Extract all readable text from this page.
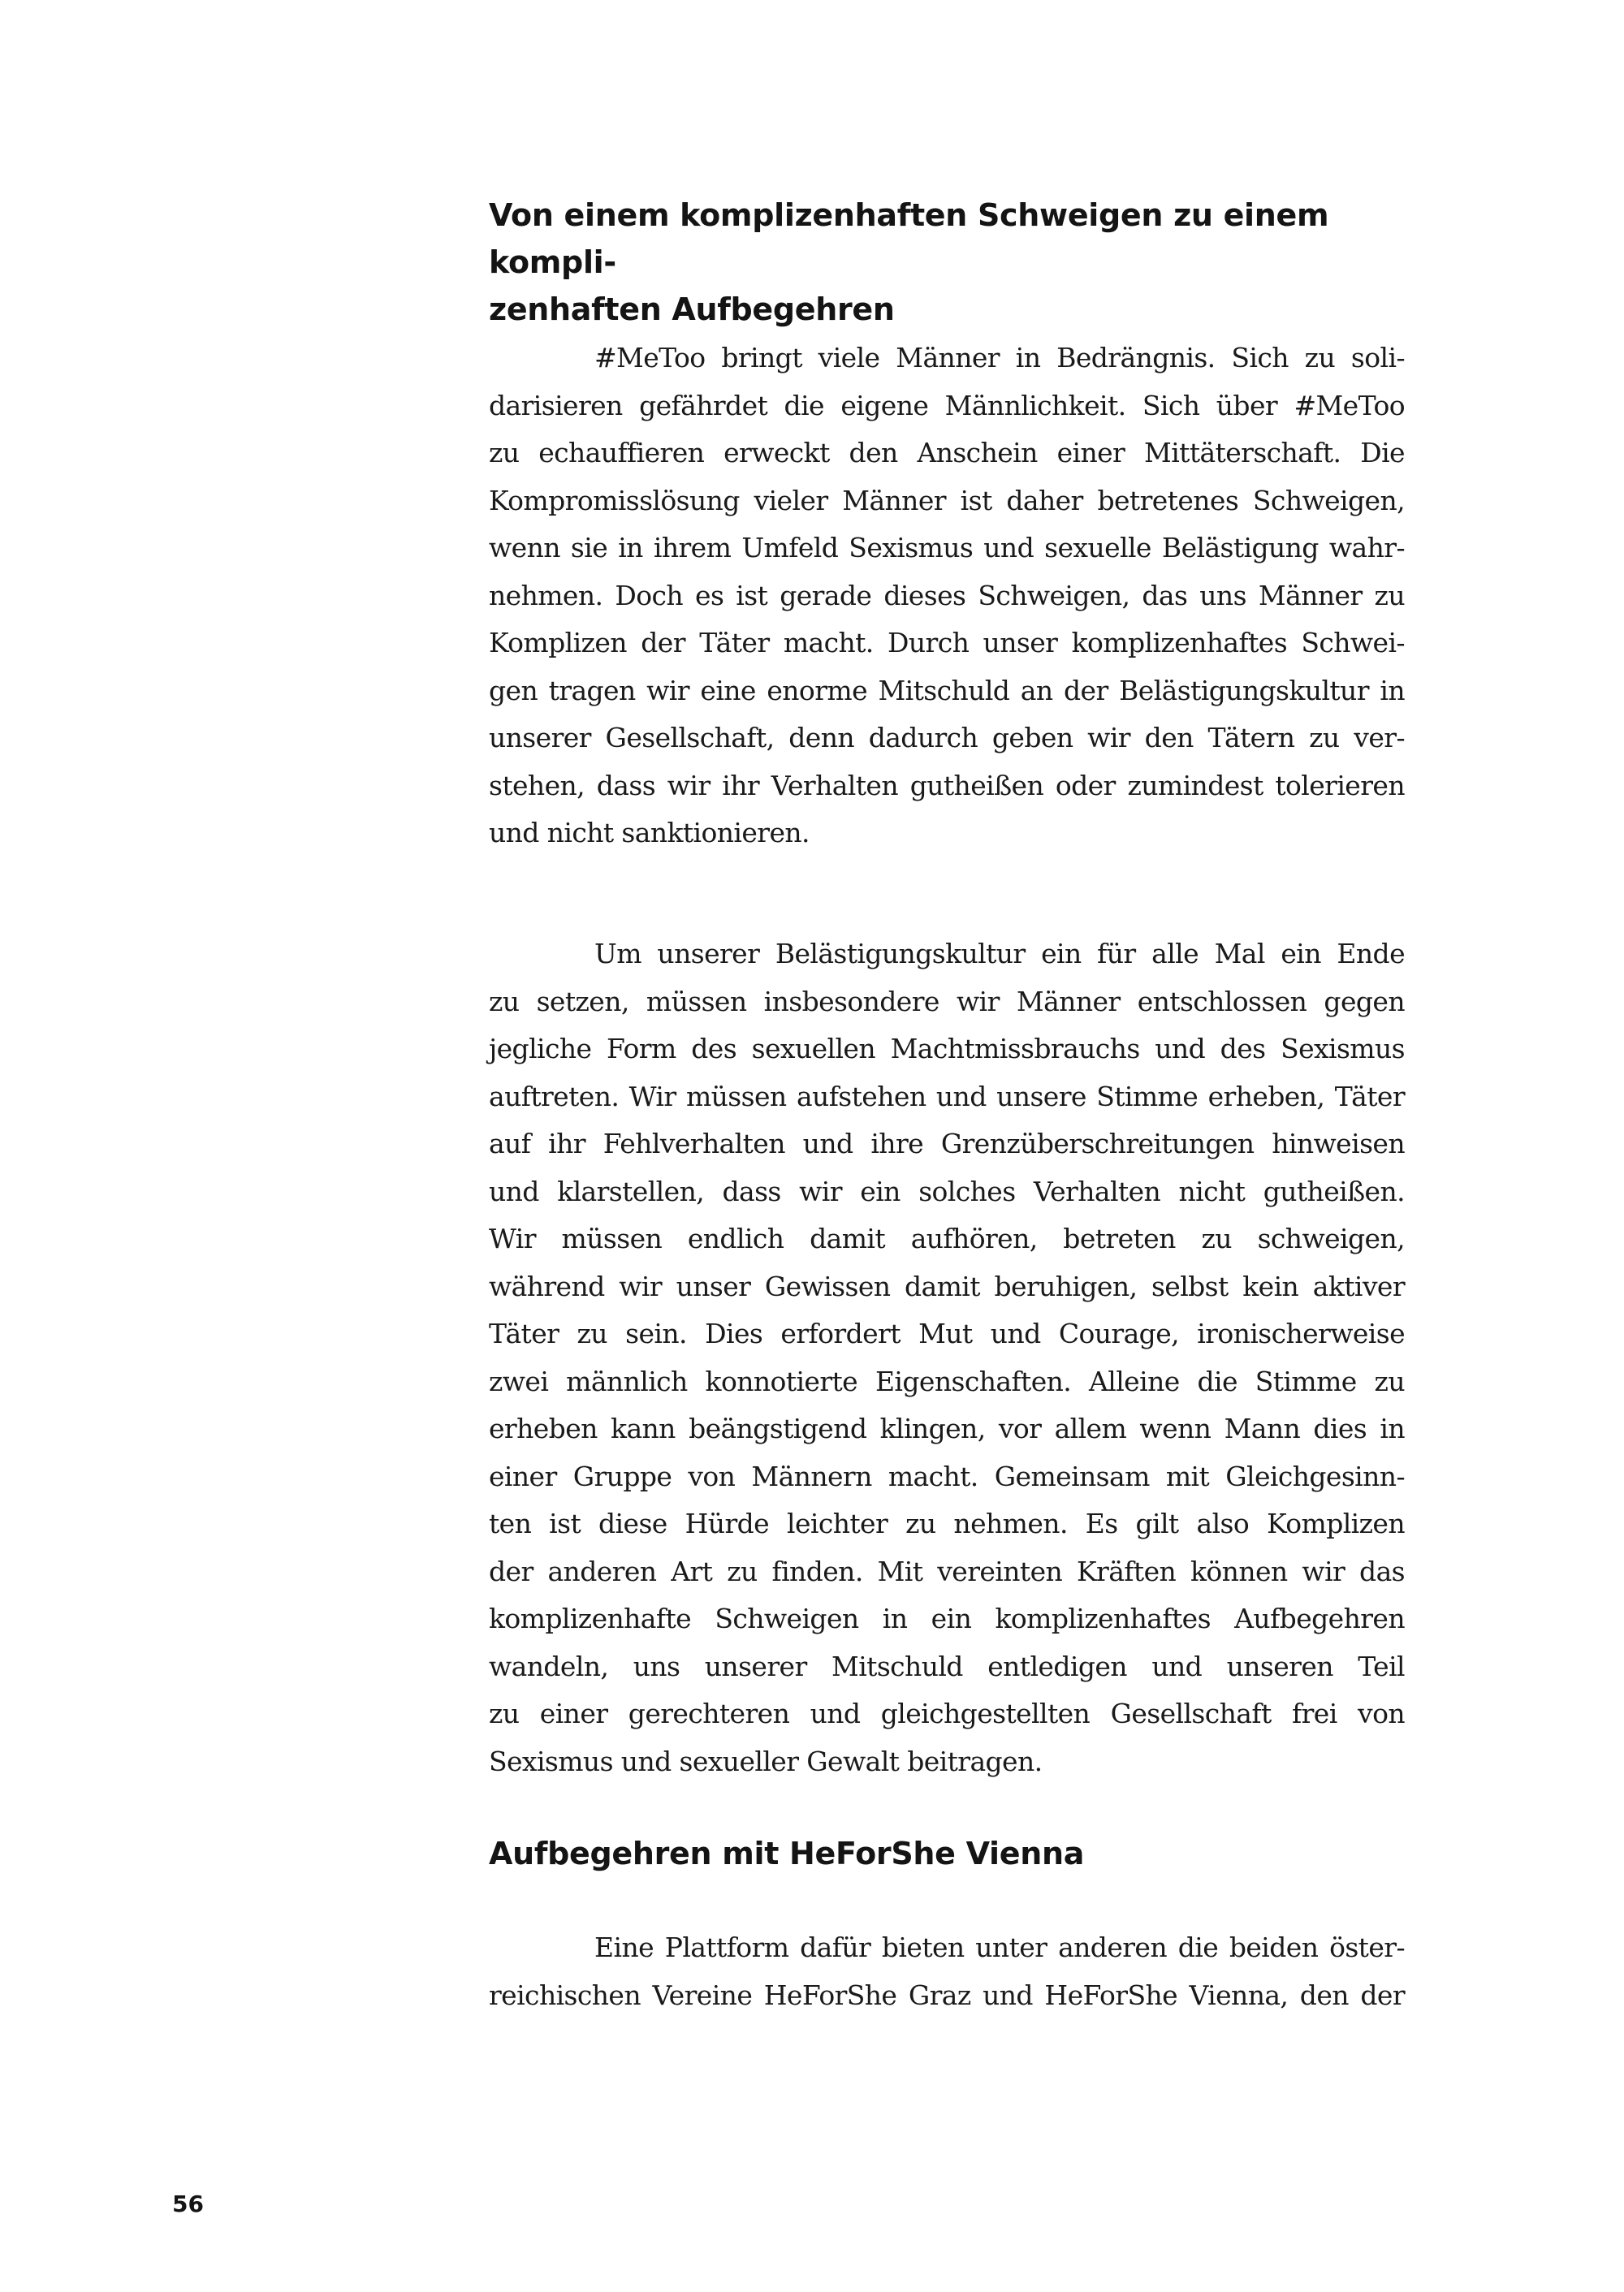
Von einem komplizenhaften Schweigen zu einem kompli-
zenhaften Aufbegehren
#MeToo bringt viele Männer in Bedrängnis. Sich zu soli-
darisieren gefährdet die eigene Männlichkeit. Sich über #MeToo
zu echauffieren erweckt den Anschein einer Mittäterschaft. Die
Kompromisslösung vieler Männer ist daher betretenes Schweigen,
wenn sie in ihrem Umfeld Sexismus und sexuelle Belästigung wahr-
nehmen. Doch es ist gerade dieses Schweigen, das uns Männer zu
Komplizen der Täter macht. Durch unser komplizenhaftes Schwei-
gen tragen wir eine enorme Mitschuld an der Belästigungskultur in
unserer Gesellschaft, denn dadurch geben wir den Tätern zu ver-
stehen, dass wir ihr Verhalten gutheißen oder zumindest tolerieren
und nicht sanktionieren.
Um unserer Belästigungskultur ein für alle Mal ein Ende
zu setzen, müssen insbesondere wir Männer entschlossen gegen
jegliche Form des sexuellen Machtmissbrauchs und des Sexismus
auftreten. Wir müssen aufstehen und unsere Stimme erheben, Täter
auf ihr Fehlverhalten und ihre Grenzüberschreitungen hinweisen
und klarstellen, dass wir ein solches Verhalten nicht gutheißen.
Wir müssen endlich damit aufhören, betreten zu schweigen,
während wir unser Gewissen damit beruhigen, selbst kein aktiver
Täter zu sein. Dies erfordert Mut und Courage, ironischerweise
zwei männlich konnotierte Eigenschaften. Alleine die Stimme zu
erheben kann beängstigend klingen, vor allem wenn Mann dies in
einer Gruppe von Männern macht. Gemeinsam mit Gleichgesinn-
ten ist diese Hürde leichter zu nehmen. Es gilt also Komplizen
der anderen Art zu finden. Mit vereinten Kräften können wir das
komplizenhafte Schweigen in ein komplizenhaftes Aufbegehren
wandeln, uns unserer Mitschuld entledigen und unseren Teil
zu einer gerechteren und gleichgestellten Gesellschaft frei von
Sexismus und sexueller Gewalt beitragen.
Aufbegehren mit HeForShe Vienna
Eine Plattform dafür bieten unter anderen die beiden öster-
reichischen Vereine HeForShe Graz und HeForShe Vienna, den der
56
